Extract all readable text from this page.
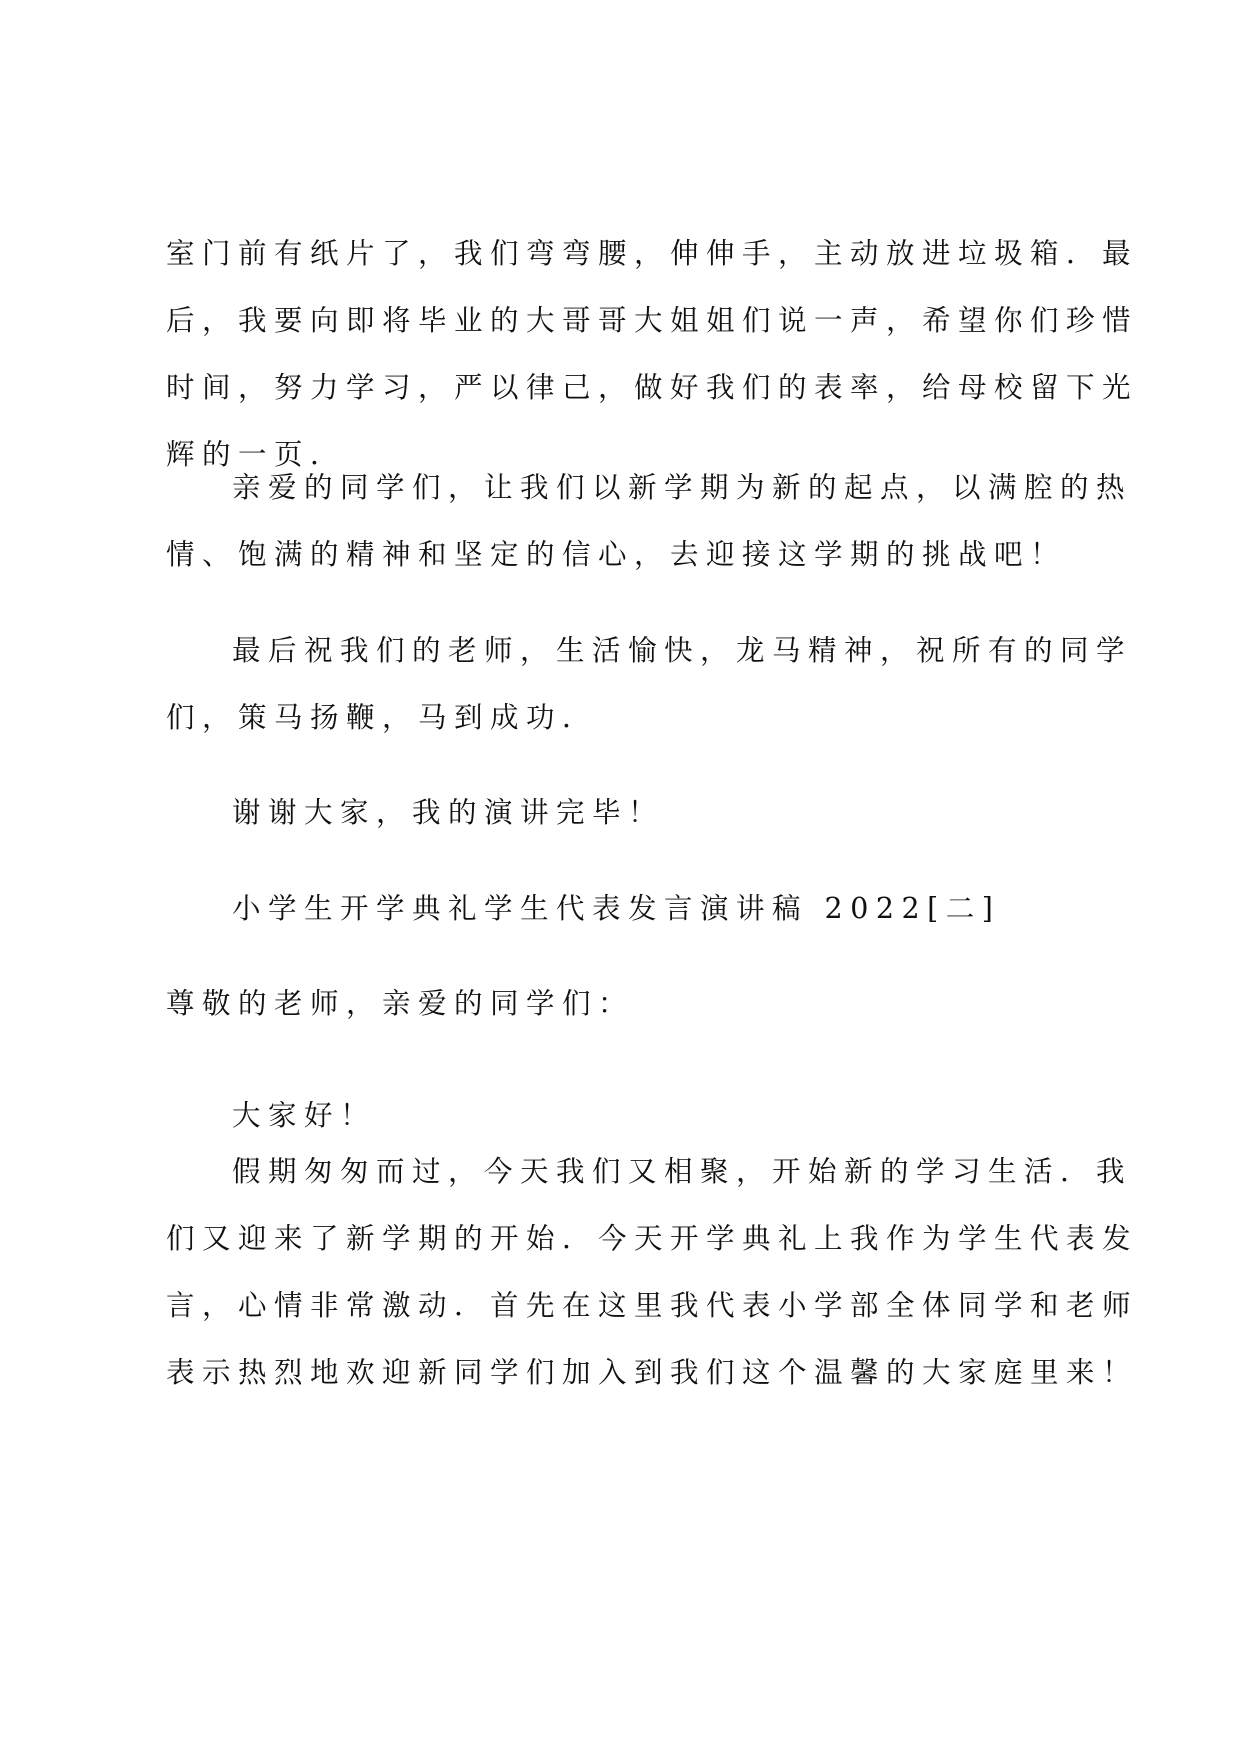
室门前有纸片了，我们弯弯腰，伸伸手，主动放进垃圾箱．最
后，我要向即将毕业的大哥哥大姐姐们说一声，希望你们珍惜
时间，努力学习，严以律己，做好我们的表率，给母校留下光
辉的一页．
亲爱的同学们，让我们以新学期为新的起点，以满腔的热
情、饱满的精神和坚定的信心，去迎接这学期的挑战吧！
最后祝我们的老师，生活愉快，龙马精神，祝所有的同学
们，策马扬鞭，马到成功．
谢谢大家，我的演讲完毕！
小学生开学典礼学生代表发言演讲稿 2022[二]
尊敬的老师，亲爱的同学们：
大家好！
假期匆匆而过，今天我们又相聚，开始新的学习生活．我
们又迎来了新学期的开始．今天开学典礼上我作为学生代表发
言，心情非常激动．首先在这里我代表小学部全体同学和老师
表示热烈地欢迎新同学们加入到我们这个温馨的大家庭里来！
